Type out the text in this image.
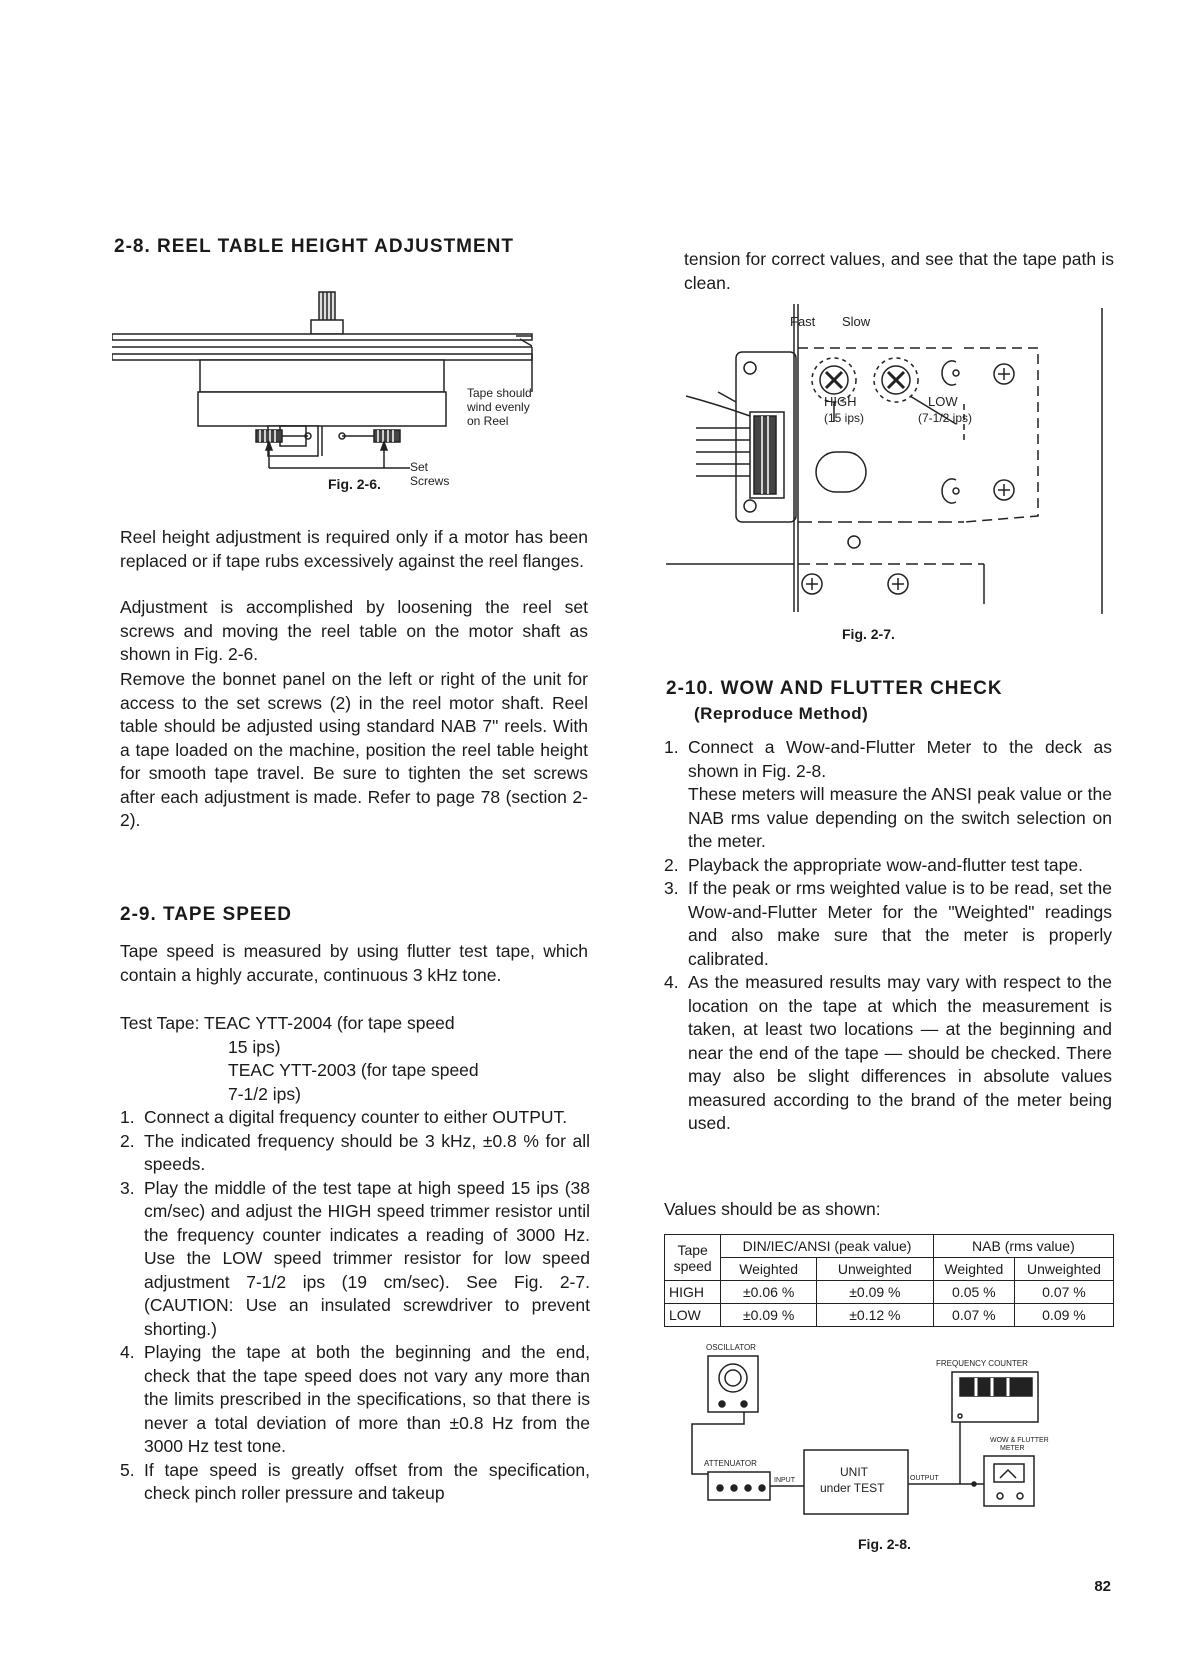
2-8. REEL TABLE HEIGHT ADJUSTMENT
Tape should
wind evenly
on Reel
Set
Screws
Fig. 2-6.

Reel height adjustment is required only if a motor has been replaced or if tape rubs excessively against the reel flanges.

Adjustment is accomplished by loosening the reel set screws and moving the reel table on the motor shaft as shown in Fig. 2-6.

Remove the bonnet panel on the left or right of the unit for access to the set screws (2) in the reel motor shaft. Reel table should be adjusted using standard NAB 7" reels. With a tape loaded on the machine, position the reel table height for smooth tape travel. Be sure to tighten the set screws after each adjustment is made. Refer to page 78 (section 2-2).

2-9. TAPE SPEED

Tape speed is measured by using flutter test tape, which contain a highly accurate, continuous 3 kHz tone.

Test Tape: TEAC YTT-2004 (for tape speed
15 ips)
TEAC YTT-2003 (for tape speed
7-1/2 ips)
1. Connect a digital frequency counter to either OUTPUT.
2. The indicated frequency should be 3 kHz, ±0.8 % for all speeds.
3. Play the middle of the test tape at high speed 15 ips (38 cm/sec) and adjust the HIGH speed trimmer resistor until the frequency counter indicates a reading of 3000 Hz. Use the LOW speed trimmer resistor for low speed adjustment 7-1/2 ips (19 cm/sec). See Fig. 2-7. (CAUTION: Use an insulated screwdriver to prevent shorting.)
4. Playing the tape at both the beginning and the end, check that the tape speed does not vary any more than the limits prescribed in the specifications, so that there is never a total deviation of more than ±0.8 Hz from the 3000 Hz test tone.
5. If tape speed is greatly offset from the specification, check pinch roller pressure and takeup

tension for correct values, and see that the tape path is clean.

Fast Slow
HIGH
(15 ips)
LOW
(7-1/2 ips)
Fig. 2-7.
2-10. WOW AND FLUTTER CHECK
(Reproduce Method)
1. Connect a Wow-and-Flutter Meter to the deck as shown in Fig. 2-8.
These meters will measure the ANSI peak value or the NAB rms value depending on the switch selection on the meter.
2. Playback the appropriate wow-and-flutter test tape.
3. If the peak or rms weighted value is to be read, set the Wow-and-Flutter Meter for the "Weighted" readings and also make sure that the meter is properly calibrated.
4. As the measured results may vary with respect to the location on the tape at which the measurement is taken, at least two locations — at the beginning and near the end of the tape — should be checked. There may also be slight differences in absolute values measured according to the brand of the meter being used.

Values should be as shown:

Tape
speed	DIN/IEC/ANSI (peak value)		NAB (rms value)	
	Weighted	Unweighted	Weighted	Unweighted
HIGH	±0.06 %	±0.09 %	0.05 %	0.07 %
LOW	±0.09 %	±0.12 %	0.07 %	0.09 %
OSCILLATOR
ATTENUATOR
INPUT	OUTPUT
UNIT
under TEST
FREQUENCY COUNTER
WOW & FLUTTER
METER
Fig. 2-8.
82
